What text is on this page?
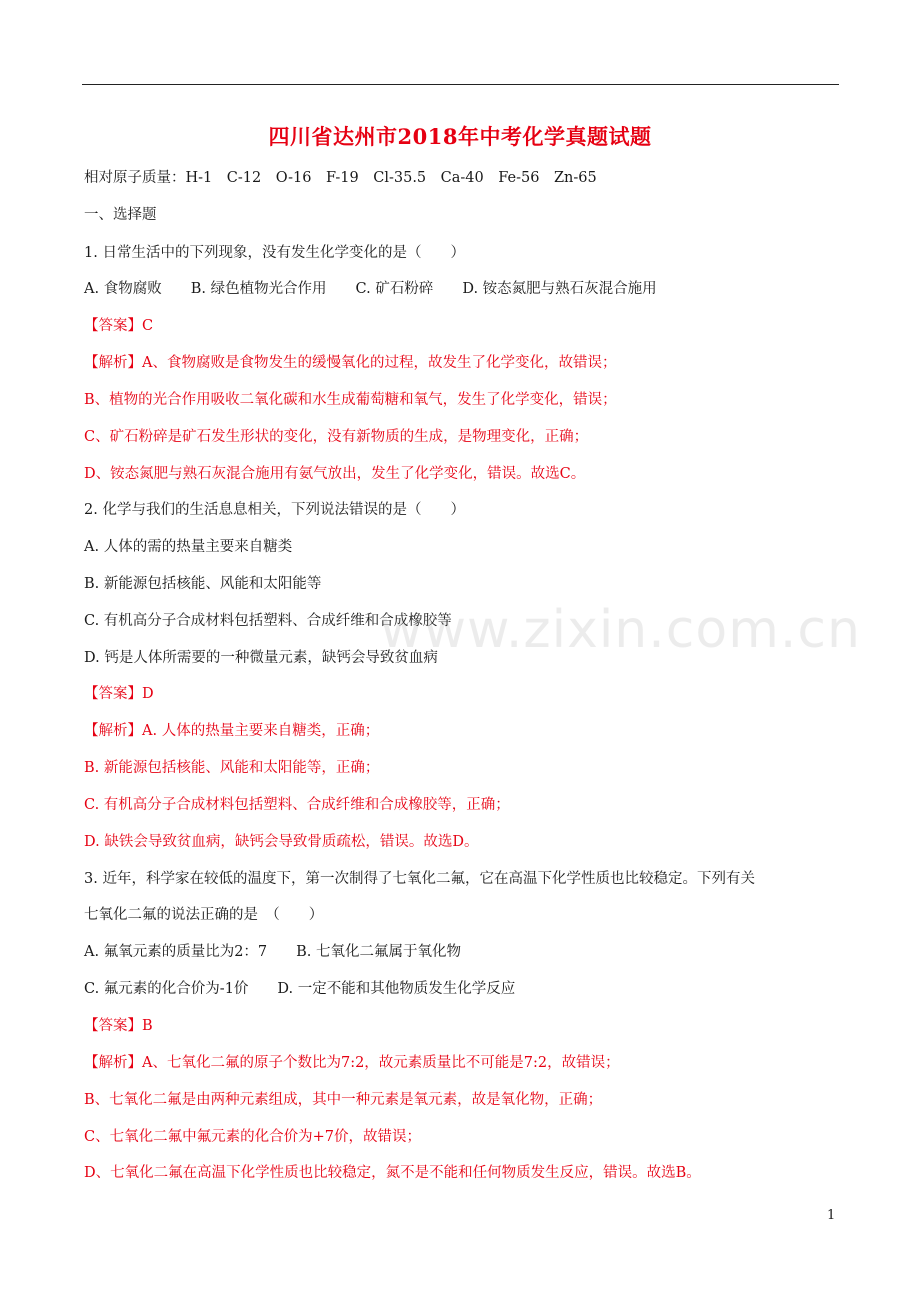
四川省达州市2018年中考化学真题试题
相对原子质量：H-1　C-12　O-16　F-19　Cl-35.5　Ca-40　Fe-56　Zn-65
一、选择题
1. 日常生活中的下列现象，没有发生化学变化的是（　　）
A. 食物腐败　　B. 绿色植物光合作用　　C. 矿石粉碎　　D. 铵态氮肥与熟石灰混合施用
【答案】C
【解析】A、食物腐败是食物发生的缓慢氧化的过程，故发生了化学变化，故错误；
B、植物的光合作用吸收二氧化碳和水生成葡萄糖和氧气，发生了化学变化，错误；
C、矿石粉碎是矿石发生形状的变化，没有新物质的生成，是物理变化，正确；
D、铵态氮肥与熟石灰混合施用有氨气放出，发生了化学变化，错误。故选C。
2. 化学与我们的生活息息相关，下列说法错误的是（　　）
A. 人体的需的热量主要来自糖类
B. 新能源包括核能、风能和太阳能等
C. 有机高分子合成材料包括塑料、合成纤维和合成橡胶等
D. 钙是人体所需要的一种微量元素，缺钙会导致贫血病
【答案】D
【解析】A. 人体的热量主要来自糖类，正确；
B. 新能源包括核能、风能和太阳能等，正确；
C. 有机高分子合成材料包括塑料、合成纤维和合成橡胶等，正确；
D. 缺铁会导致贫血病，缺钙会导致骨质疏松，错误。故选D。
3. 近年，科学家在较低的温度下，第一次制得了七氧化二氟，它在高温下化学性质也比较稳定。下列有关
七氧化二氟的说法正确的是　（　　）
A. 氟氧元素的质量比为2：7　　B. 七氧化二氟属于氧化物
C. 氟元素的化合价为-1价　　D. 一定不能和其他物质发生化学反应
【答案】B
【解析】A、七氧化二氟的原子个数比为7:2，故元素质量比不可能是7:2，故错误；
B、七氧化二氟是由两种元素组成，其中一种元素是氧元素，故是氧化物，正确；
C、七氧化二氟中氟元素的化合价为+7价，故错误；
D、七氧化二氟在高温下化学性质也比较稳定，氮不是不能和任何物质发生反应，错误。故选B。
www.zixin.com.cn
1
